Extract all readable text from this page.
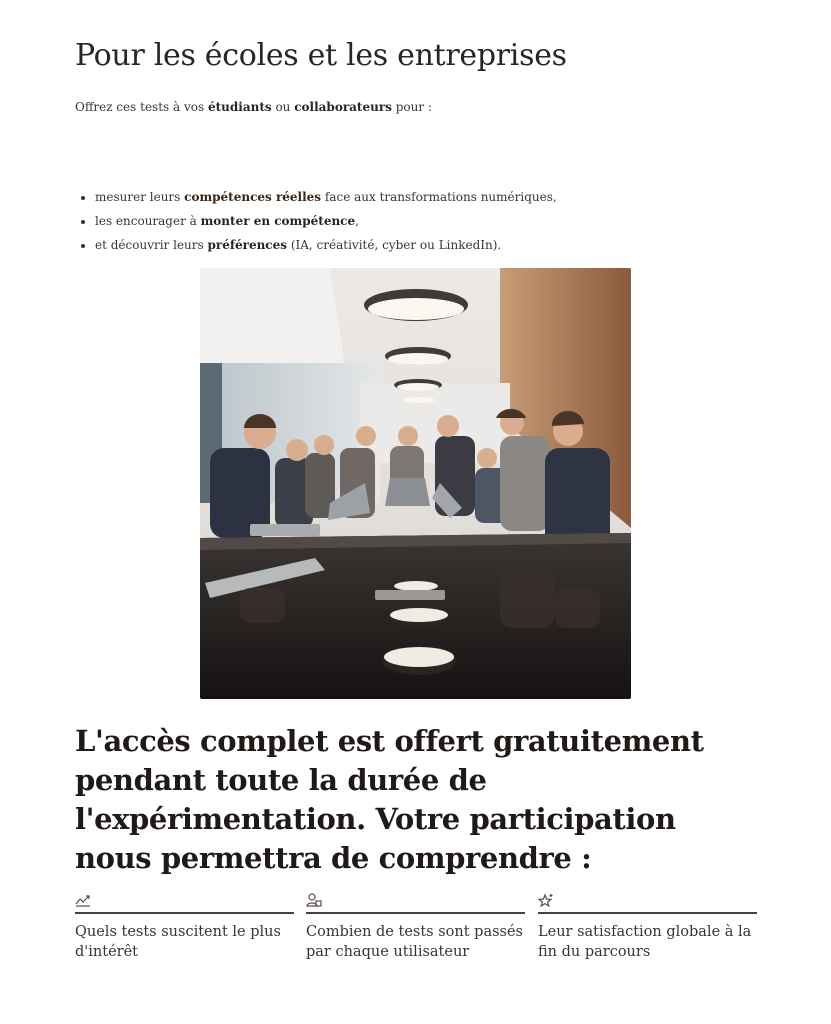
Pour les écoles et les entreprises

Offrez ces tests à vos étudiants ou collaborateurs pour :

• mesurer leurs compétences réelles face aux transformations numériques,
• les encourager à monter en compétence,
• et découvrir leurs préférences (IA, créativité, cyber ou LinkedIn).
L'accès complet est offert gratuitement pendant toute la durée de l'expérimentation. Votre participation nous permettra de comprendre :
Quels tests suscitent le plus d'intérêt
Combien de tests sont passés par chaque utilisateur
Leur satisfaction globale à la fin du parcours
